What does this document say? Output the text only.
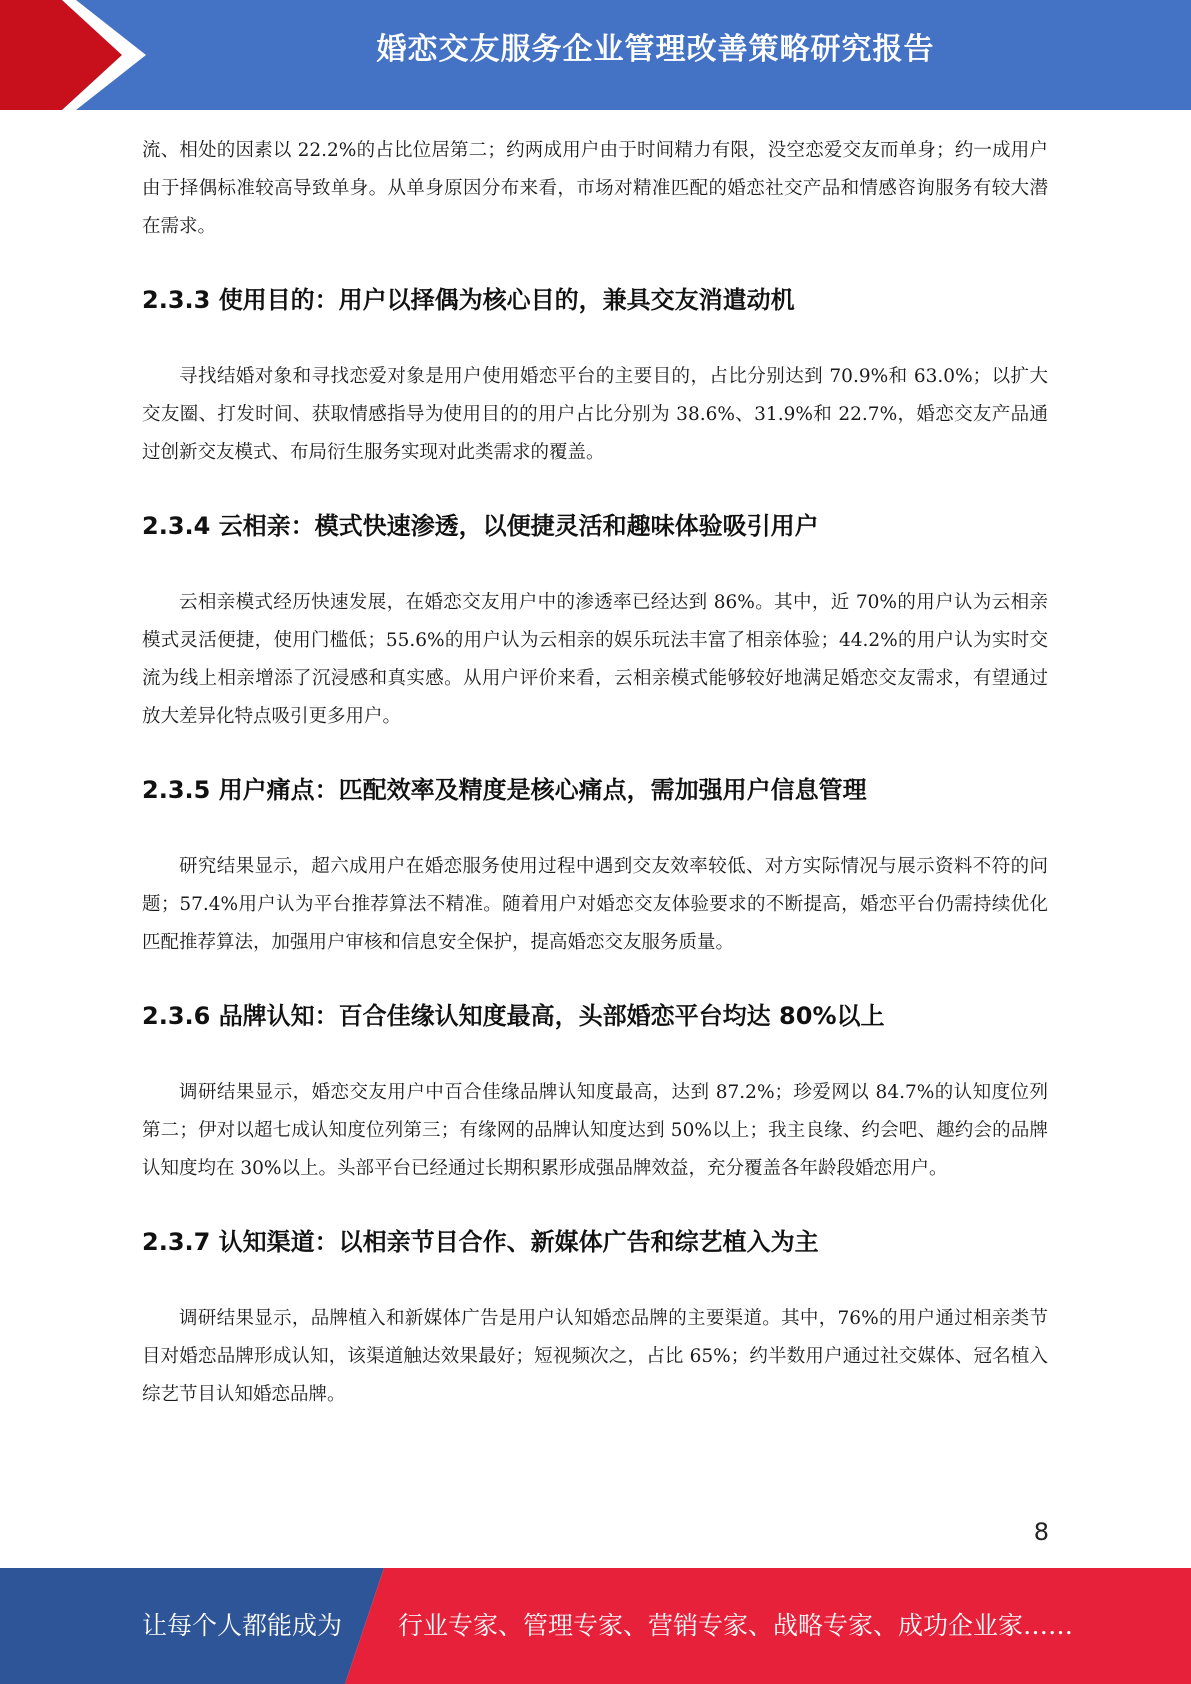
婚恋交友服务企业管理改善策略研究报告

流、相处的因素以 22.2%的占比位居第二；约两成用户由于时间精力有限，没空恋爱交友而单身；约一成用户由于择偶标准较高导致单身。从单身原因分布来看，市场对精准匹配的婚恋社交产品和情感咨询服务有较大潜在需求。

2.3.3 使用目的：用户以择偶为核心目的，兼具交友消遣动机

寻找结婚对象和寻找恋爱对象是用户使用婚恋平台的主要目的，占比分别达到 70.9%和 63.0%；以扩大交友圈、打发时间、获取情感指导为使用目的的用户占比分别为 38.6%、31.9%和 22.7%，婚恋交友产品通过创新交友模式、布局衍生服务实现对此类需求的覆盖。

2.3.4 云相亲：模式快速渗透，以便捷灵活和趣味体验吸引用户

云相亲模式经历快速发展，在婚恋交友用户中的渗透率已经达到 86%。其中，近 70%的用户认为云相亲模式灵活便捷，使用门槛低；55.6%的用户认为云相亲的娱乐玩法丰富了相亲体验；44.2%的用户认为实时交流为线上相亲增添了沉浸感和真实感。从用户评价来看，云相亲模式能够较好地满足婚恋交友需求，有望通过放大差异化特点吸引更多用户。

2.3.5 用户痛点：匹配效率及精度是核心痛点，需加强用户信息管理

研究结果显示，超六成用户在婚恋服务使用过程中遇到交友效率较低、对方实际情况与展示资料不符的问题；57.4%用户认为平台推荐算法不精准。随着用户对婚恋交友体验要求的不断提高，婚恋平台仍需持续优化匹配推荐算法，加强用户审核和信息安全保护，提高婚恋交友服务质量。

2.3.6 品牌认知：百合佳缘认知度最高，头部婚恋平台均达 80%以上

调研结果显示，婚恋交友用户中百合佳缘品牌认知度最高，达到 87.2%；珍爱网以 84.7%的认知度位列第二；伊对以超七成认知度位列第三；有缘网的品牌认知度达到 50%以上；我主良缘、约会吧、趣约会的品牌认知度均在 30%以上。头部平台已经通过长期积累形成强品牌效益，充分覆盖各年龄段婚恋用户。

2.3.7 认知渠道：以相亲节目合作、新媒体广告和综艺植入为主

调研结果显示，品牌植入和新媒体广告是用户认知婚恋品牌的主要渠道。其中，76%的用户通过相亲类节目对婚恋品牌形成认知，该渠道触达效果最好；短视频次之，占比 65%；约半数用户通过社交媒体、冠名植入综艺节目认知婚恋品牌。

8
让每个人都能成为 行业专家、管理专家、营销专家、战略专家、成功企业家……
